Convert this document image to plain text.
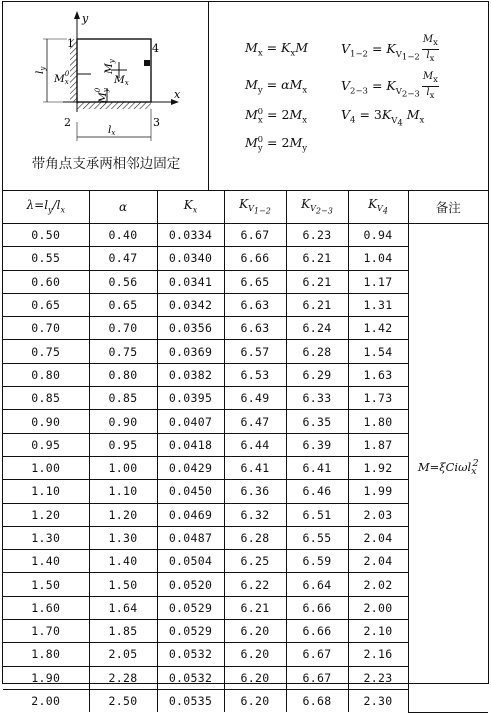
1
2	3
4
x
y
Mx
ly
Mx0	My
My0
lx
带角点支承两相邻边固定
$M_x = K_xM$
$M_y = \alpha M_x$
$M_x^0 = 2M_x$
$M_y^0 = 2M_y$
$V_{1-2} = K_{V_{1-2}} \frac{M_x}{l_x}$
$V_{2-3} = K_{V_{2-3}} \frac{M_x}{l_x}$
$V_4 = 3K_{V_4}$ $M_x$
$\lambda=l_y/l_x$	α	$K_x$	$K_{V_{1-2}}$	$K_{V_{2-3}}$	$K_{V_4}$	备注
0.50	0.40	0.0334	6.67	6.23	0.94	M=ξCiωl$_x^2$
0.55	0.47	0.0340	6.66	6.21	1.04	
0.60	0.56	0.0341	6.65	6.21	1.17	
0.65	0.65	0.0342	6.63	6.21	1.31	
0.70	0.70	0.0356	6.63	6.24	1.42	
0.75	0.75	0.0369	6.57	6.28	1.54	
0.80	0.80	0.0382	6.53	6.29	1.63	
0.85	0.85	0.0395	6.49	6.33	1.73	
0.90	0.90	0.0407	6.47	6.35	1.80	
0.95	0.95	0.0418	6.44	6.39	1.87	
1.00	1.00	0.0429	6.41	6.41	1.92	
1.10	1.10	0.0450	6.36	6.46	1.99	
1.20	1.20	0.0469	6.32	6.51	2.03	
1.30	1.30	0.0487	6.28	6.55	2.04	
1.40	1.40	0.0504	6.25	6.59	2.04	
1.50	1.50	0.0520	6.22	6.64	2.02	
1.60	1.64	0.0529	6.21	6.66	2.00	
1.70	1.85	0.0529	6.20	6.66	2.10	
1.80	2.05	0.0532	6.20	6.67	2.16	
1.90	2.28	0.0532	6.20	6.67	2.23	
2.00	2.50	0.0535	6.20	6.68	2.30	
